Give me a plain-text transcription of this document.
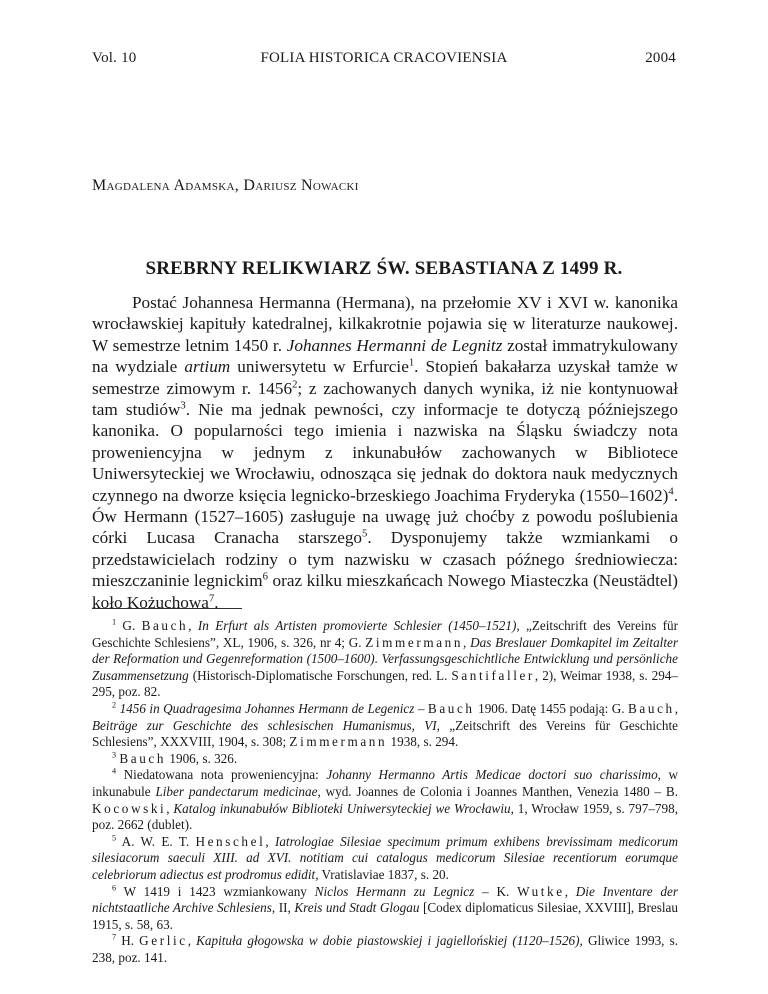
Vol. 10	FOLIA HISTORICA CRACOVIENSIA	2004
Magdalena Adamska, Dariusz Nowacki
SREBRNY RELIKWIARZ ŚW. SEBASTIANA Z 1499 R.

Postać Johannesa Hermanna (Hermana), na przełomie XV i XVI w. kanonika wrocławskiej kapituły katedralnej, kilkakrotnie pojawia się w literaturze naukowej. W semestrze letnim 1450 r. Johannes Hermanni de Legnitz został immatrykulowany na wydziale artium uniwersytetu w Erfurcie$^1$. Stopień bakałarza uzyskał tamże w semestrze zimowym r. 1456$^2$; z zachowanych danych wynika, iż nie kontynuował tam studiów$^3$. Nie ma jednak pewności, czy informacje te dotyczą późniejszego kanonika. O popularności tego imienia i nazwiska na Śląsku świadczy nota proweniencyjna w jednym z inkunabułów zachowanych w Bibliotece Uniwersyteckiej we Wrocławiu, odnosząca się jednak do doktora nauk medycznych czynnego na dworze księcia legnicko-brzeskiego Joachima Fryderyka (1550–1602)$^4$. Ów Hermann (1527–1605) zasługuje na uwagę już choćby z powodu poślubienia córki Lucasa Cranacha starszego$^5$. Dysponujemy także wzmiankami o przedstawicielach rodziny o tym nazwisku w czasach późnego średniowiecza: mieszczaninie legnickim$^6$ oraz kilku mieszkańcach Nowego Miasteczka (Neustädtel) koło Kożuchowa$^7$.

$^1$ G. Bauch, In Erfurt als Artisten promovierte Schlesier (1450–1521), „Zeitschrift des Vereins für Geschichte Schlesiens”, XL, 1906, s. 326, nr 4; G. Zimmermann, Das Breslauer Domkapitel im Zeitalter der Reformation und Gegenreformation (1500–1600). Verfassungsgeschichtliche Entwicklung und persönliche Zusammensetzung (Historisch-Diplomatische Forschungen, red. L. Santifaller, 2), Weimar 1938, s. 294–295, poz. 82.

$^2$ 1456 in Quadragesima Johannes Hermann de Legenicz – Bauch 1906. Datę 1455 podają: G. Bauch, Beiträge zur Geschichte des schlesischen Humanismus, VI, „Zeitschrift des Vereins für Geschichte Schlesiens”, XXXVIII, 1904, s. 308; Zimmermann 1938, s. 294.

$^3$ Bauch 1906, s. 326.

$^4$ Niedatowana nota proweniencyjna: Johanny Hermanno Artis Medicae doctori suo charissimo, w inkunabule Liber pandectarum medicinae, wyd. Joannes de Colonia i Joannes Manthen, Venezia 1480 – B. Kocowski, Katalog inkunabułów Biblioteki Uniwersyteckiej we Wrocławiu, 1, Wrocław 1959, s. 797–798, poz. 2662 (dublet).

$^5$ A. W. E. T. Henschel, Iatrologiae Silesiae specimum primum exhibens brevissimam medicorum silesiacorum saeculi XIII. ad XVI. notitiam cui catalogus medicorum Silesiae recentiorum eorumque celebriorum adiectus est prodromus edidit, Vratislaviae 1837, s. 20.

$^6$ W 1419 i 1423 wzmiankowany Niclos Hermann zu Legnicz – K. Wutke, Die Inventare der nichtstaatliche Archive Schlesiens, II, Kreis und Stadt Glogau [Codex diplomaticus Silesiae, XXVIII], Breslau 1915, s. 58, 63.

$^7$ H. Gerlic, Kapituła głogowska w dobie piastowskiej i jagiellońskiej (1120–1526), Gliwice 1993, s. 238, poz. 141.
